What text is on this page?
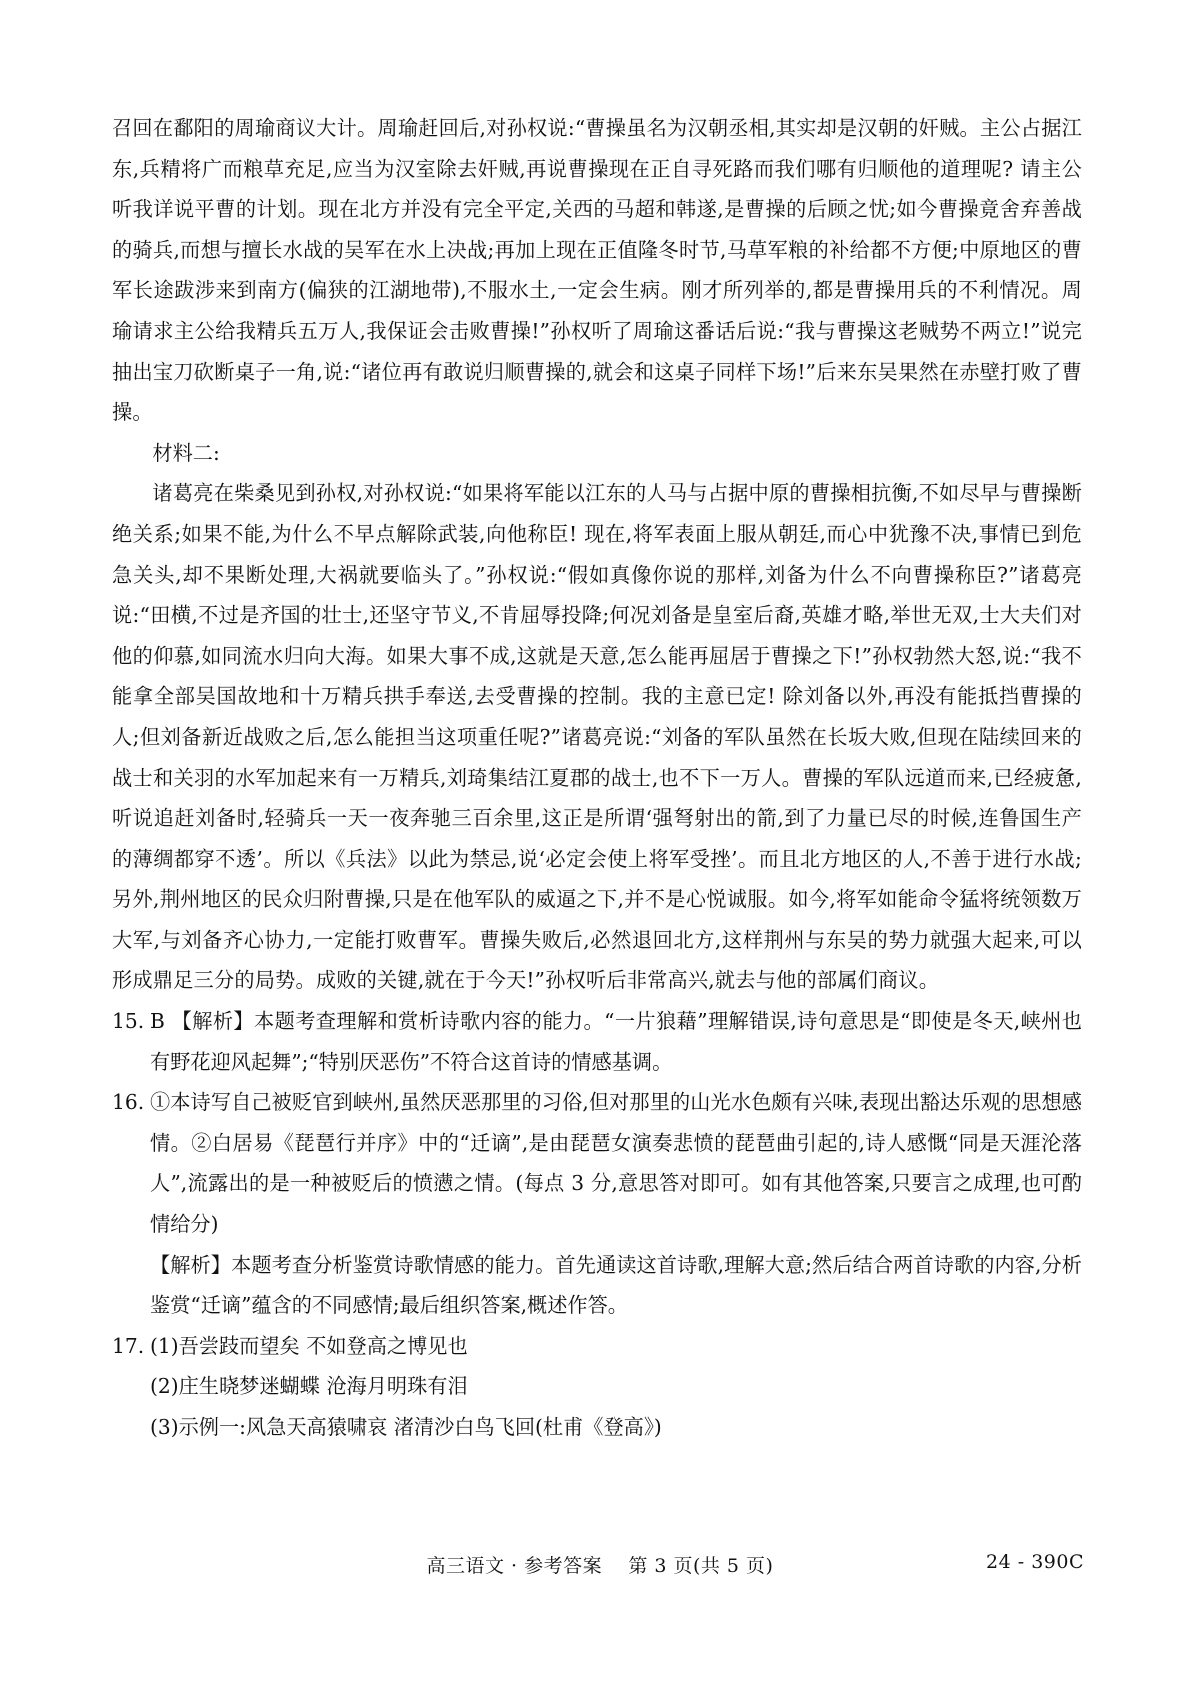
召回在鄱阳的周瑜商议大计。周瑜赶回后,对孙权说:“曹操虽名为汉朝丞相,其实却是汉朝的奸贼。主公占据江东,兵精将广而粮草充足,应当为汉室除去奸贼,再说曹操现在正自寻死路而我们哪有归顺他的道理呢? 请主公听我详说平曹的计划。现在北方并没有完全平定,关西的马超和韩遂,是曹操的后顾之忧;如今曹操竟舍弃善战的骑兵,而想与擅长水战的吴军在水上决战;再加上现在正值隆冬时节,马草军粮的补给都不方便;中原地区的曹军长途跋涉来到南方(偏狭的江湖地带),不服水土,一定会生病。刚才所列举的,都是曹操用兵的不利情况。周瑜请求主公给我精兵五万人,我保证会击败曹操!”孙权听了周瑜这番话后说:“我与曹操这老贼势不两立!”说完抽出宝刀砍断桌子一角,说:“诸位再有敢说归顺曹操的,就会和这桌子同样下场!”后来东吴果然在赤壁打败了曹操。

材料二:

诸葛亮在柴桑见到孙权,对孙权说:“如果将军能以江东的人马与占据中原的曹操相抗衡,不如尽早与曹操断绝关系;如果不能,为什么不早点解除武装,向他称臣! 现在,将军表面上服从朝廷,而心中犹豫不决,事情已到危急关头,却不果断处理,大祸就要临头了。”孙权说:“假如真像你说的那样,刘备为什么不向曹操称臣?”诸葛亮说:“田横,不过是齐国的壮士,还坚守节义,不肯屈辱投降;何况刘备是皇室后裔,英雄才略,举世无双,士大夫们对他的仰慕,如同流水归向大海。如果大事不成,这就是天意,怎么能再屈居于曹操之下!”孙权勃然大怒,说:“我不能拿全部吴国故地和十万精兵拱手奉送,去受曹操的控制。我的主意已定! 除刘备以外,再没有能抵挡曹操的人;但刘备新近战败之后,怎么能担当这项重任呢?”诸葛亮说:“刘备的军队虽然在长坂大败,但现在陆续回来的战士和关羽的水军加起来有一万精兵,刘琦集结江夏郡的战士,也不下一万人。曹操的军队远道而来,已经疲惫,听说追赶刘备时,轻骑兵一天一夜奔驰三百余里,这正是所谓‘强弩射出的箭,到了力量已尽的时候,连鲁国生产的薄绸都穿不透’。所以《兵法》以此为禁忌,说‘必定会使上将军受挫’。而且北方地区的人,不善于进行水战;另外,荆州地区的民众归附曹操,只是在他军队的威逼之下,并不是心悦诚服。如今,将军如能命令猛将统领数万大军,与刘备齐心协力,一定能打败曹军。曹操失败后,必然退回北方,这样荆州与东吴的势力就强大起来,可以形成鼎足三分的局势。成败的关键,就在于今天!”孙权听后非常高兴,就去与他的部属们商议。

15. B 【解析】本题考查理解和赏析诗歌内容的能力。“一片狼藉”理解错误,诗句意思是“即使是冬天,峡州也有野花迎风起舞”;“特别厌恶伤”不符合这首诗的情感基调。
16. ①本诗写自己被贬官到峡州,虽然厌恶那里的习俗,但对那里的山光水色颇有兴味,表现出豁达乐观的思想感情。②白居易《琵琶行并序》中的“迁谪”,是由琵琶女演奏悲愤的琵琶曲引起的,诗人感慨“同是天涯沦落人”,流露出的是一种被贬后的愤懑之情。(每点 3 分,意思答对即可。如有其他答案,只要言之成理,也可酌情给分)

【解析】本题考查分析鉴赏诗歌情感的能力。首先通读这首诗歌,理解大意;然后结合两首诗歌的内容,分析鉴赏“迁谪”蕴含的不同感情;最后组织答案,概述作答。

17. (1)吾尝跂而望矣 不如登高之博见也

(2)庄生晓梦迷蝴蝶 沧海月明珠有泪

(3)示例一:风急天高猿啸哀 渚清沙白鸟飞回(杜甫《登高》)

高三语文 · 参考答案 第 3 页(共 5 页)	24 - 390C
